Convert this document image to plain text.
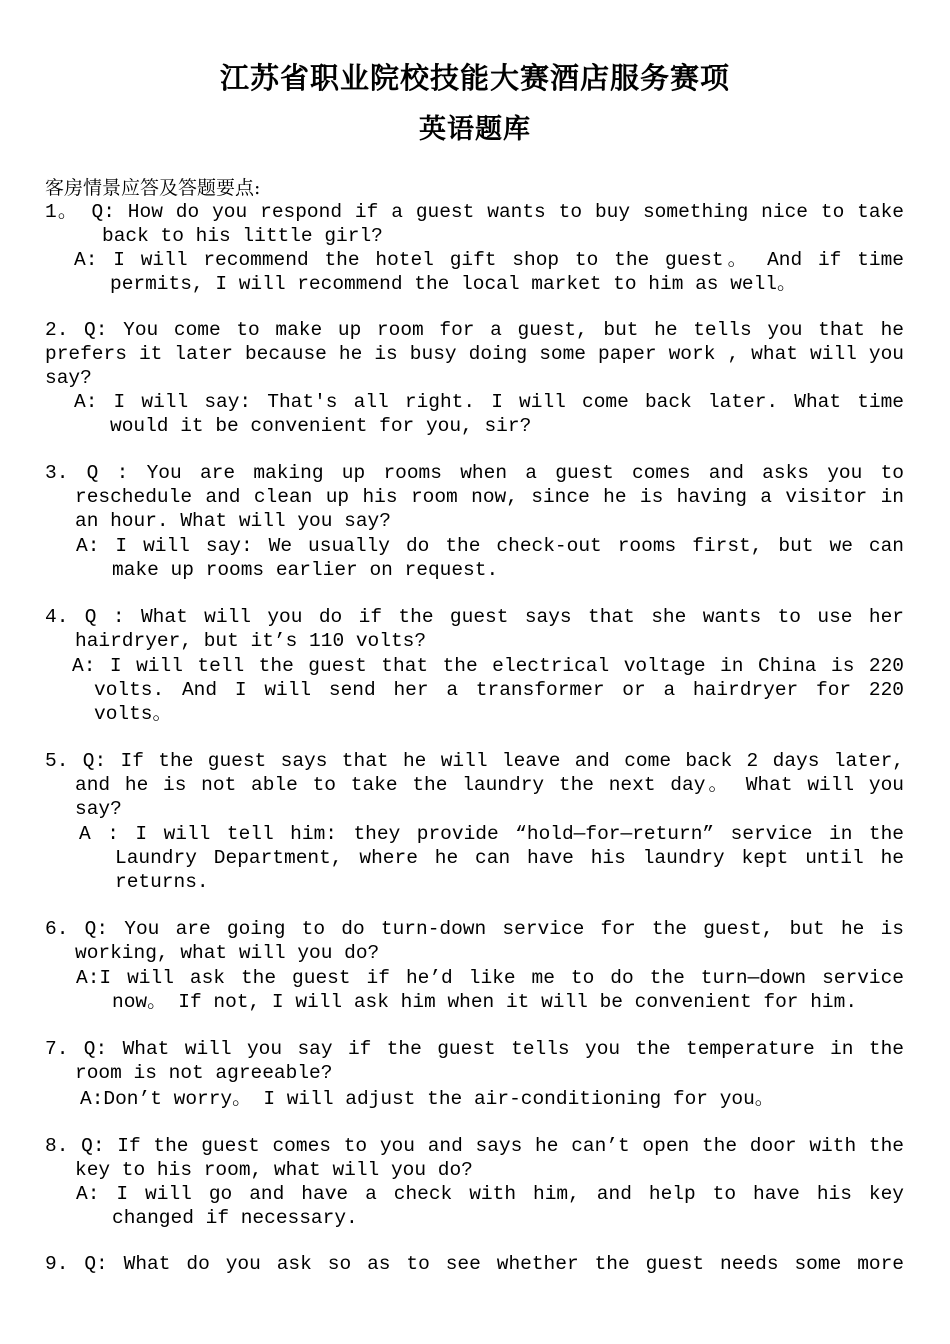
江苏省职业院校技能大赛酒店服务赛项
英语题库
客房情景应答及答题要点:
1。 Q: How do you respond if a guest wants to buy something nice to take back to his little girl?
A: I will recommend the hotel gift shop to the guest。 And if time permits, I will recommend the local market to him as well。
2. Q: You come to make up room for a guest, but he tells you that he prefers it later because he is busy doing some paper work , what will you say?
A: I will say: That's all right. I will come back later. What time would it be convenient for you, sir?
3. Q : You are making up rooms when a guest comes and asks you to reschedule and clean up his room now, since he is having a visitor in an hour. What will you say?
A: I will say: We usually do the check-out rooms first, but we can make up rooms earlier on request.
4. Q : What will you do if the guest says that she wants to use her hairdryer, but it’s 110 volts?
A: I will tell the guest that the electrical voltage in China is 220 volts. And I will send her a transformer or a hairdryer for 220 volts。
5. Q: If the guest says that he will leave and come back 2 days later, and he is not able to take the laundry the next day。 What will you say?
A : I will tell him: they provide “hold—for—return” service in the Laundry Department, where he can have his laundry kept until he returns.
6. Q: You are going to do turn-down service for the guest, but he is working, what will you do?
A:I will ask the guest if he’d like me to do the turn—down service now。 If not, I will ask him when it will be convenient for him.
7. Q: What will you say if the guest tells you the temperature in the room is not agreeable?
A:Don’t worry。 I will adjust the air-conditioning for you。
8. Q: If the guest comes to you and says he can’t open the door with the key to his room, what will you do?
A: I will go and have a check with him, and help to have his key changed if necessary.
9. Q: What do you ask so as to see whether the guest needs some more
